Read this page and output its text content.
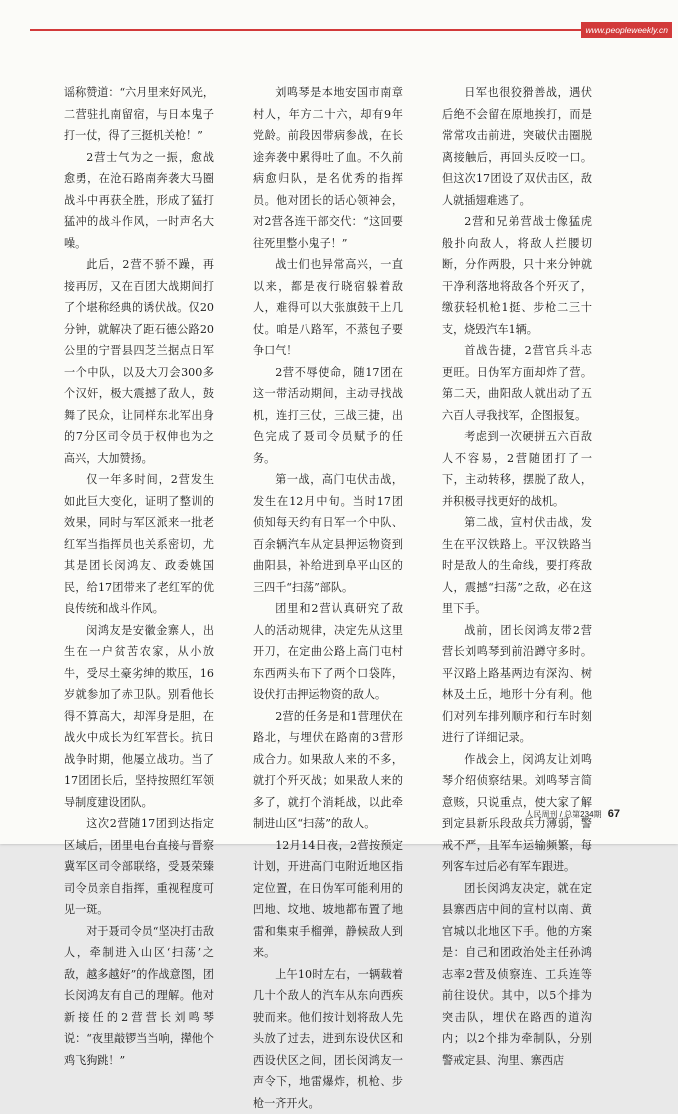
www.peopleweekly.cn

谣称赞道：“六月里来好风光，二营驻扎南留宿，与日本鬼子打一仗，得了三挺机关枪！”

2营士气为之一振，愈战愈勇，在沧石路南奔袭大马圈战斗中再获全胜，形成了猛打猛冲的战斗作风，一时声名大噪。

此后，2营不骄不躁，再接再厉，又在百团大战期间打了个堪称经典的诱伏战。仅20分钟，就解决了距石德公路20公里的宁晋县四芝兰据点日军一个中队，以及大刀会300多个汉奸，极大震撼了敌人，鼓舞了民众，让同样东北军出身的7分区司令员于权伸也为之高兴，大加赞扬。

仅一年多时间，2营发生如此巨大变化，证明了整训的效果，同时与军区派来一批老红军当指挥员也关系密切，尤其是团长闵鸿友、政委姚国民，给17团带来了老红军的优良传统和战斗作风。

闵鸿友是安徽金寨人，出生在一户贫苦农家，从小放牛，受尽土豪劣绅的欺压，16岁就参加了赤卫队。别看他长得不算高大，却浑身是胆，在战火中成长为红军营长。抗日战争时期，他屡立战功。当了17团团长后，坚持按照红军领导制度建设团队。

这次2营随17团到达指定区域后，团里电台直接与晋察冀军区司令部联络，受聂荣臻司令员亲自指挥，重视程度可见一斑。

对于聂司令员“坚决打击敌人，牵制进入山区‘扫荡’之敌，越多越好”的作战意图，团长闵鸿友有自己的理解。他对新接任的2营营长刘鸣琴说：“夜里敲锣当当响，撵他个鸡飞狗跳！”

刘鸣琴是本地安国市南章村人，年方二十六，却有9年党龄。前段因带病参战，在长途奔袭中累得吐了血。不久前病愈归队，是名优秀的指挥员。他对团长的话心领神会，对2营各连干部交代：“这回要往死里整小鬼子！”

战士们也异常高兴，一直以来，都是夜行晓宿躲着敌人，难得可以大张旗鼓干上几仗。咱是八路军，不蒸包子要争口气！

2营不辱使命，随17团在这一带活动期间，主动寻找战机，连打三仗，三战三捷，出色完成了聂司令员赋予的任务。

第一战，高门屯伏击战，发生在12月中旬。当时17团侦知每天约有日军一个中队、百余辆汽车从定县押运物资到曲阳县，补给进到阜平山区的三四千“扫荡”部队。

团里和2营认真研究了敌人的活动规律，决定先从这里开刀，在定曲公路上高门屯村东西两头布下了两个口袋阵，设伏打击押运物资的敌人。

2营的任务是和1营理伏在路北，与埋伏在路南的3营形成合力。如果敌人来的不多，就打个歼灭战；如果敌人来的多了，就打个消耗战，以此牵制进山区“扫荡”的敌人。

12月14日夜，2营按预定计划，开进高门屯附近地区指定位置，在日伪军可能利用的凹地、坟地、坡地都布置了地雷和集束手榴弹，静候敌人到来。

上午10时左右，一辆载着几十个敌人的汽车从东向西疾驶而来。他们按计划将敌人先头放了过去，进到东设伏区和西设伏区之间，团长闵鸿友一声令下，地雷爆炸，机枪、步枪一齐开火。

日军也很狡猾善战，遇伏后绝不会留在原地挨打，而是常常攻击前进，突破伏击圈脱离接触后，再回头反咬一口。但这次17团设了双伏击区，敌人就插翅难逃了。

2营和兄弟营战士像猛虎般扑向敌人，将敌人拦腰切断，分作两股，只十来分钟就干净利落地将敌各个歼灭了，缴获轻机枪1挺、步枪二三十支，烧毁汽车1辆。

首战告捷，2营官兵斗志更旺。日伪军方面却炸了营。第二天，曲阳敌人就出动了五六百人寻我找军，企图报复。

考虑到一次硬拼五六百敌人不容易，2营随团打了一下，主动转移，摆脱了敌人，并积极寻找更好的战机。

第二战，宣村伏击战，发生在平汉铁路上。平汉铁路当时是敌人的生命线，要打疼敌人，震撼“扫荡”之敌，必在这里下手。

战前，团长闵鸿友带2营营长刘鸣琴到前沿蹲守多时。平汉路上路基两边有深沟、树林及土丘，地形十分有利。他们对列车排列顺序和行车时刻进行了详细记录。

作战会上，闵鸿友让刘鸣琴介绍侦察结果。刘鸣琴言简意赅，只说重点，使大家了解到定县新乐段敌兵力薄弱，警戒不严，且军车运输频繁，每列客车过后必有军车跟进。

团长闵鸿友决定，就在定县寨西店中间的宣村以南、黄官城以北地区下手。他的方案是：自己和团政治处主任孙鸿志率2营及侦察连、工兵连等前往设伏。其中，以5个排为突击队，埋伏在路西的道沟内；以2个排为牵制队，分别警戒定县、泃里、寨西店

人民周刊 / 总第234期 67
